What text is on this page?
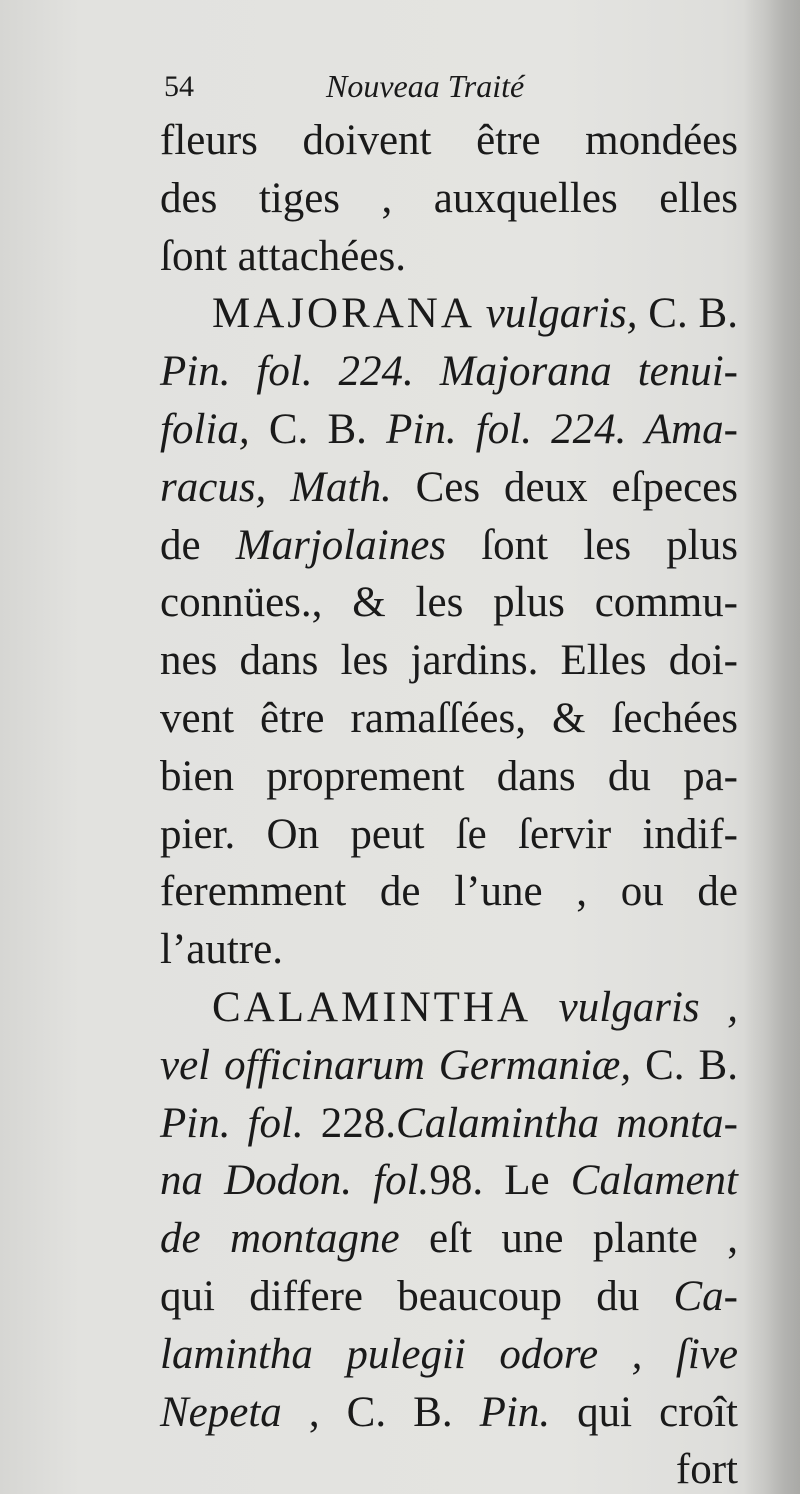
54	Nouveaa Traité
fleurs doivent être mondées
des tiges , auxquelles elles
ſont attachées.
MAJORANA vulgaris, C. B.
Pin. fol. 224. Majorana tenui-
folia, C. B. Pin. fol. 224. Ama-
racus, Math. Ces deux eſpeces
de Marjolaines ſont les plus
connües., & les plus commu-
nes dans les jardins. Elles doi-
vent être ramaſſées, & ſechées
bien proprement dans du pa-
pier. On peut ſe ſervir indif-
feremment de l’une , ou de
l’autre.
CALAMINTHA vulgaris ,
vel officinarum Germaniæ, C. B.
Pin. fol. 228.Calamintha monta-
na Dodon. fol.98. Le Calament
de montagne eſt une plante ,
qui differe beaucoup du Ca-
lamintha pulegii odore , ſive
Nepeta , C. B. Pin. qui croît
fort
